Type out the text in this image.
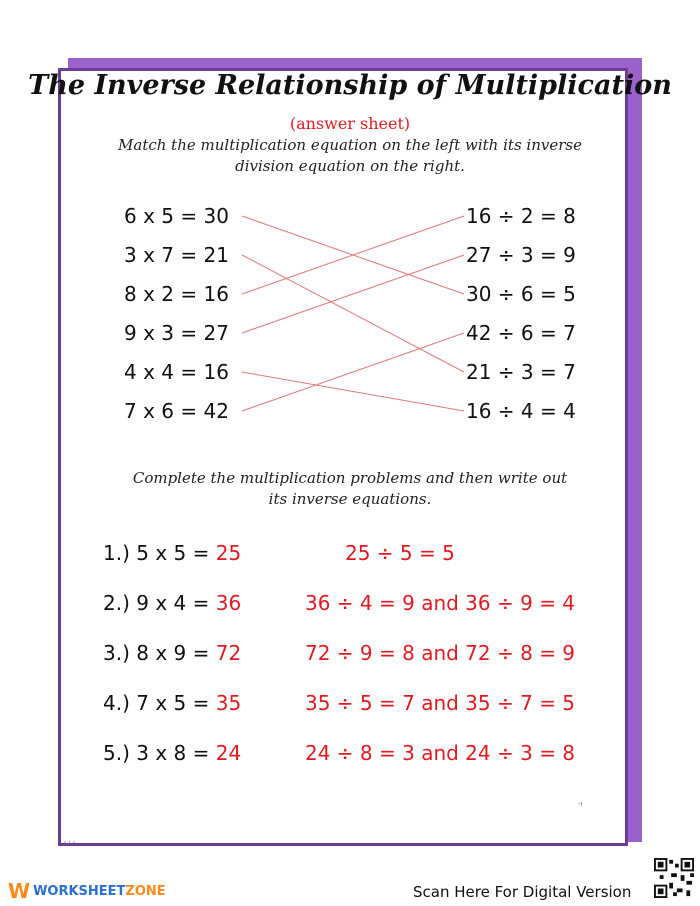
The Inverse Relationship of Multiplication
(answer sheet)
Match the multiplication equation on the left with its inverse
division equation on the right.
6 x 5 = 30
3 x 7 = 21
8 x 2 = 16
9 x 3 = 27
4 x 4 = 16
7 x 6 = 42
16 ÷ 2 = 8
27 ÷ 3 = 9
30 ÷ 6 = 5
42 ÷ 6 = 7
21 ÷ 3 = 7
16 ÷ 4 = 4
Complete the multiplication problems and then write out
its inverse equations.
1.) 5 x 5 = 25	25 ÷ 5 = 5
2.) 9 x 4 = 36	36 ÷ 4 = 9 and 36 ÷ 9 = 4
3.) 8 x 9 = 72	72 ÷ 9 = 8 and 72 ÷ 8 = 9
4.) 7 x 5 = 35	35 ÷ 5 = 7 and 35 ÷ 7 = 5
5.) 3 x 8 = 24	24 ÷ 8 = 3 and 24 ÷ 3 = 8
·ı
, , ,
W WORKSHEETZONE	Scan Here For Digital Version
